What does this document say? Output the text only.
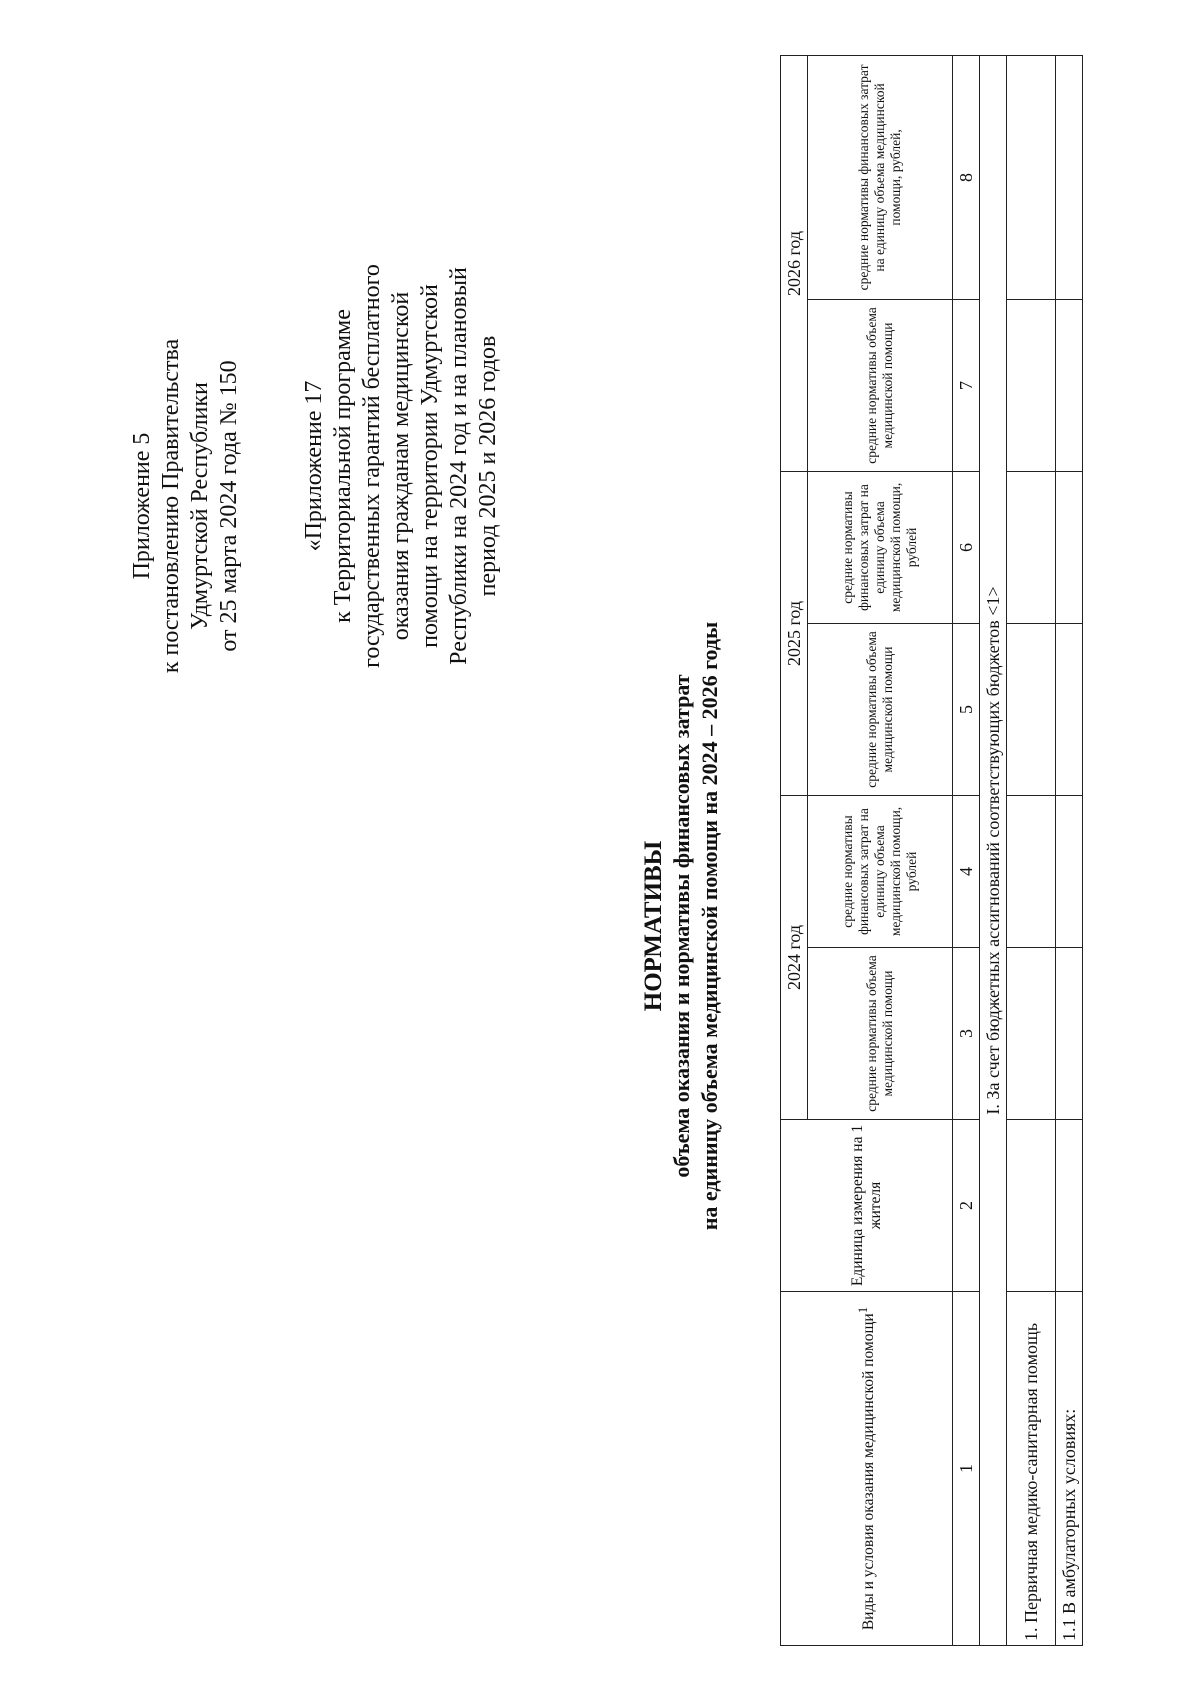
Приложение 5 к постановлению Правительства Удмуртской Республики от 25 марта 2024 года № 150 «Приложение 17 к Территориальной программе государственных гарантий бесплатного оказания гражданам медицинской помощи на территории Удмуртской Республики на 2024 год и на плановый период 2025 и 2026 годов
НОРМАТИВЫ объема оказания и нормативы финансовых затрат на единицу объема медицинской помощи на 2024 – 2026 годы
Виды и условия оказания медицинской помощи$^1$	Единица измерения на 1 жителя	2024 год		2025 год		2026 год	
		средние нормативы объема медицинской помощи	средние нормативы финансовых затрат на единицу объема медицинской помощи, рублей	средние нормативы объема медицинской помощи	средние нормативы финансовых затрат на единицу объема медицинской помощи, рублей	средние нормативы объема медицинской помощи	средние нормативы финансовых затрат на единицу объема медицинской помощи, рублей,
1	2	3	4	5	6	7	8
I. За счет бюджетных ассигнований соответствующих бюджетов <1>							
1. Первичная медико-санитарная помощь							
1.1 В амбулаторных условиях:							
